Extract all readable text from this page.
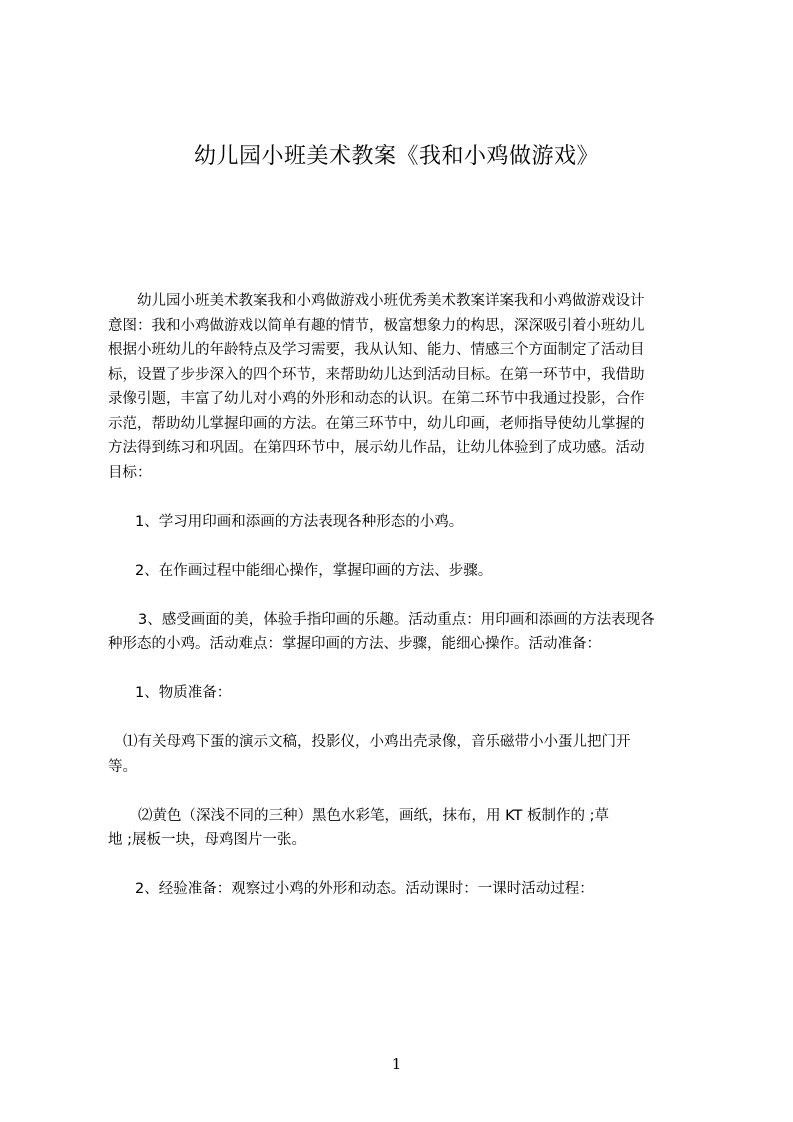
幼儿园小班美术教案《我和小鸡做游戏》
幼儿园小班美术教案我和小鸡做游戏小班优秀美术教案详案我和小鸡做游戏设计
意图：我和小鸡做游戏以简单有趣的情节，极富想象力的构思，深深吸引着小班幼儿
根据小班幼儿的年龄特点及学习需要，我从认知、能力、情感三个方面制定了活动目
标，设置了步步深入的四个环节，来帮助幼儿达到活动目标。在第一环节中，我借助
录像引题，丰富了幼儿对小鸡的外形和动态的认识。在第二环节中我通过投影，合作
示范，帮助幼儿掌握印画的方法。在第三环节中，幼儿印画，老师指导使幼儿掌握的
方法得到练习和巩固。在第四环节中，展示幼儿作品，让幼儿体验到了成功感。活动
目标：
1、学习用印画和添画的方法表现各种形态的小鸡。
2、在作画过程中能细心操作，掌握印画的方法、步骤。
3、感受画面的美，体验手指印画的乐趣。活动重点：用印画和添画的方法表现各
种形态的小鸡。活动难点：掌握印画的方法、步骤，能细心操作。活动准备：
1、物质准备：
⑴有关母鸡下蛋的演示文稿，投影仪，小鸡出壳录像，音乐磁带小小蛋儿把门开
等。
⑵黄色（深浅不同的三种）黑色水彩笔，画纸，抹布，用 KT 板制作的 ;草
地 ;展板一块，母鸡图片一张。
2、经验准备：观察过小鸡的外形和动态。活动课时：一课时活动过程：
1
